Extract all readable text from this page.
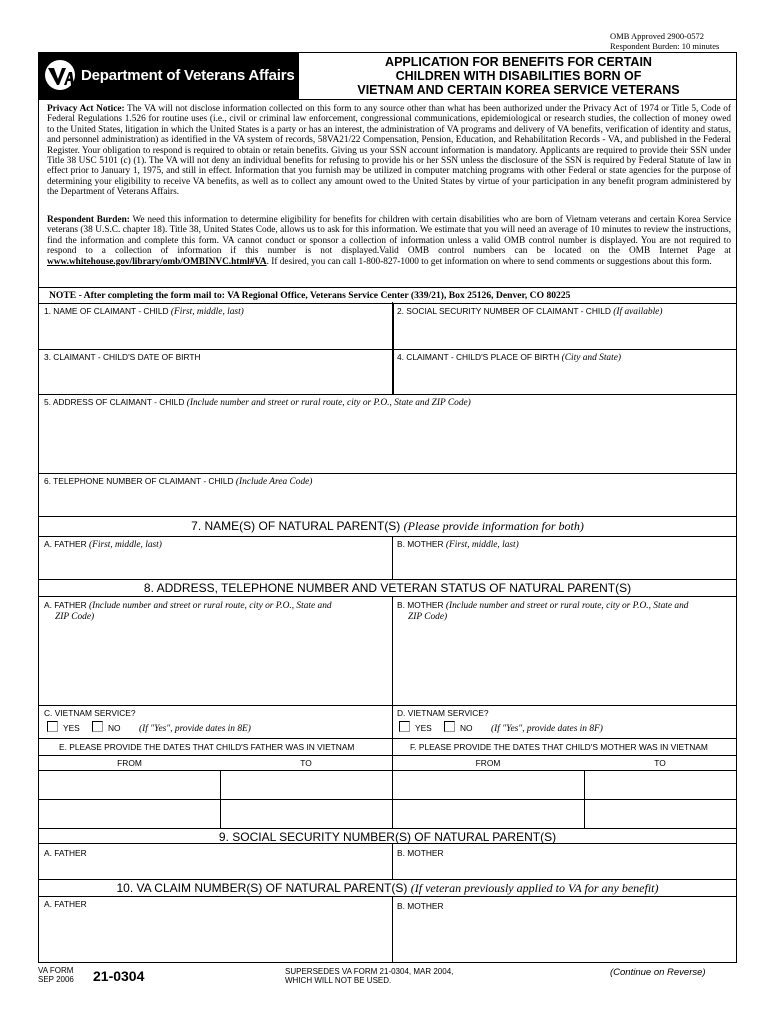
OMB Approved 2900-0572
Respondent Burden: 10 minutes
Department of Veterans Affairs
APPLICATION FOR BENEFITS FOR CERTAIN
CHILDREN WITH DISABILITIES BORN OF
VIETNAM AND CERTAIN KOREA SERVICE VETERANS

Privacy Act Notice: The VA will not disclose information collected on this form to any source other than what has been authorized under the Privacy Act of 1974 or Title 5, Code of Federal Regulations 1.526 for routine uses (i.e., civil or criminal law enforcement, congressional communications, epidemiological or research studies, the collection of money owed to the United States, litigation in which the United States is a party or has an interest, the administration of VA programs and delivery of VA benefits, verification of identity and status, and personnel administration) as identified in the VA system of records, 58VA21/22 Compensation, Pension, Education, and Rehabilitation Records - VA, and published in the Federal Register. Your obligation to respond is required to obtain or retain benefits. Giving us your SSN account information is mandatory. Applicants are required to provide their SSN under Title 38 USC 5101 (c) (1). The VA will not deny an individual benefits for refusing to provide his or her SSN unless the disclosure of the SSN is required by Federal Statute of law in effect prior to January 1, 1975, and still in effect. Information that you furnish may be utilized in computer matching programs with other Federal or state agencies for the purpose of determining your eligibility to receive VA benefits, as well as to collect any amount owed to the United States by virtue of your participation in any benefit program administered by the Department of Veterans Affairs.

Respondent Burden: We need this information to determine eligibility for benefits for children with certain disabilities who are born of Vietnam veterans and certain Korea Service veterans (38 U.S.C. chapter 18). Title 38, United States Code, allows us to ask for this information. We estimate that you will need an average of 10 minutes to review the instructions, find the information and complete this form. VA cannot conduct or sponsor a collection of information unless a valid OMB control number is displayed. You are not required to respond to a collection of information if this number is not displayed.Valid OMB control numbers can be located on the OMB Internet Page at www.whitehouse.gov/library/omb/OMBINVC.html#VA. If desired, you can call 1-800-827-1000 to get information on where to send comments or suggestions about this form.

NOTE - After completing the form mail to: VA Regional Office, Veterans Service Center (339/21), Box 25126, Denver, CO 80225
1. NAME OF CLAIMANT - CHILD (First, middle, last)	2. SOCIAL SECURITY NUMBER OF CLAIMANT - CHILD (If available)
3. CLAIMANT - CHILD'S DATE OF BIRTH	4. CLAIMANT - CHILD'S PLACE OF BIRTH (City and State)
5. ADDRESS OF CLAIMANT - CHILD (Include number and street or rural route, city or P.O., State and ZIP Code)
6. TELEPHONE NUMBER OF CLAIMANT - CHILD (Include Area Code)
7. NAME(S) OF NATURAL PARENT(S) (Please provide information for both)
A. FATHER (First, middle, last)	B. MOTHER (First, middle, last)
8. ADDRESS, TELEPHONE NUMBER AND VETERAN STATUS OF NATURAL PARENT(S)
A. FATHER (Include number and street or rural route, city or P.O., State and
ZIP Code)
B. MOTHER (Include number and street or rural route, city or P.O., State and
ZIP Code)
C. VIETNAM SERVICE?
YES	NO (If "Yes", provide dates in 8E)
D. VIETNAM SERVICE?
YES	NO (If "Yes", provide dates in 8F)
E. PLEASE PROVIDE THE DATES THAT CHILD'S FATHER WAS IN VIETNAM	F. PLEASE PROVIDE THE DATES THAT CHILD'S MOTHER WAS IN VIETNAM
FROM	TO	FROM	TO
9. SOCIAL SECURITY NUMBER(S) OF NATURAL PARENT(S)
A. FATHER	B. MOTHER
10. VA CLAIM NUMBER(S) OF NATURAL PARENT(S) (If veteran previously applied to VA for any benefit)
A. FATHER	B. MOTHER
VA FORM
SEP 2006 21-0304	SUPERSEDES VA FORM 21-0304, MAR 2004,
WHICH WILL NOT BE USED.
(Continue on Reverse)
